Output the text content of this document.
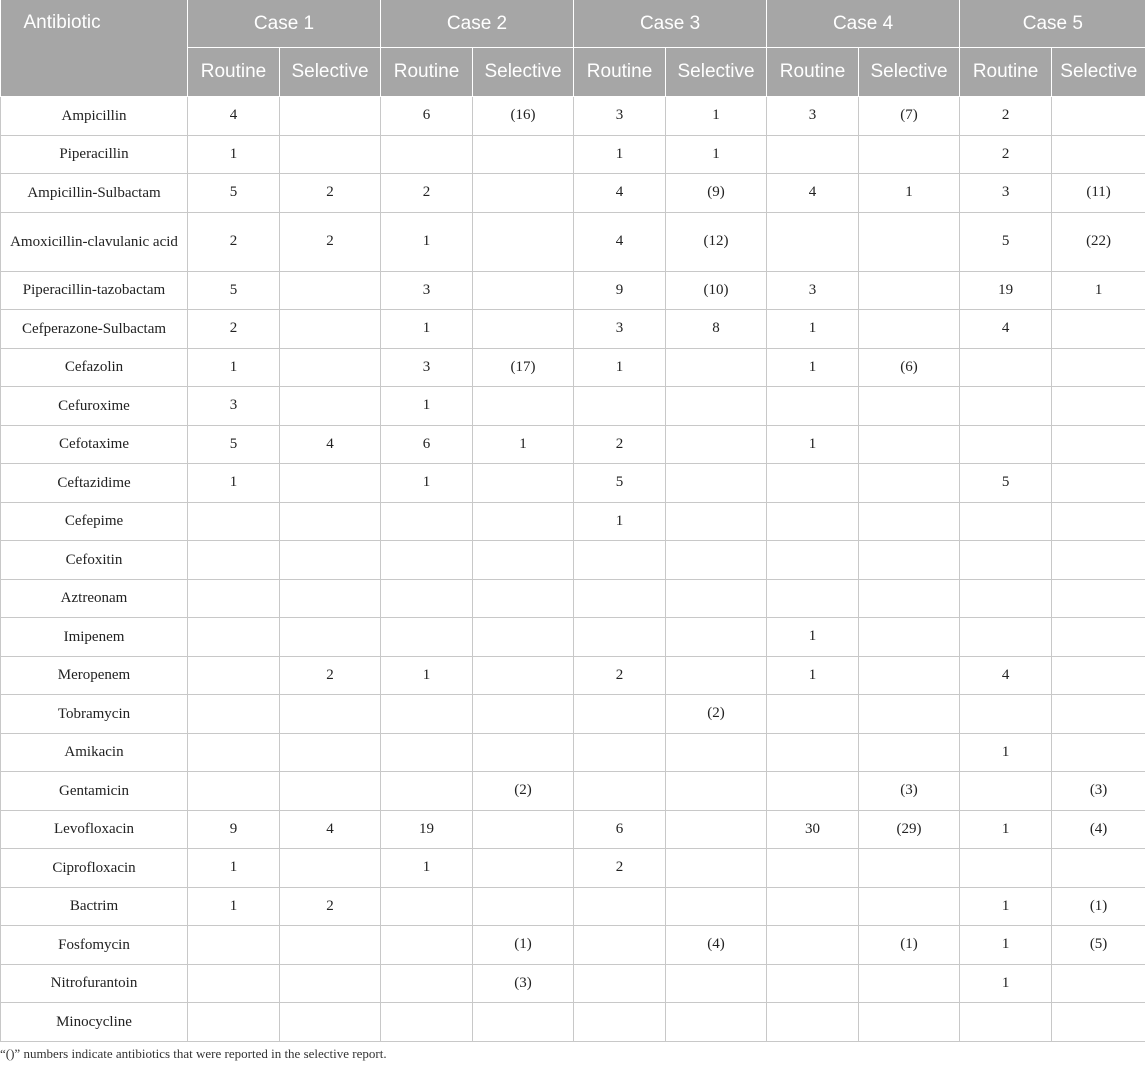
Antibiotic	Case 1		Case 2		Case 3		Case 4		Case 5	
	Routine	Selective	Routine	Selective	Routine	Selective	Routine	Selective	Routine	Selective
Ampicillin	4		6	(16)	3	1	3	(7)	2	
Piperacillin	1				1	1			2	
Ampicillin-Sulbactam	5	2	2		4	(9)	4	1	3	(11)
Amoxicillin-clavulanic acid	2	2	1		4	(12)			5	(22)
Piperacillin-tazobactam	5		3		9	(10)	3		19	1
Cefperazone-Sulbactam	2		1		3	8	1		4	
Cefazolin	1		3	(17)	1		1	(6)		
Cefuroxime	3		1							
Cefotaxime	5	4	6	1	2		1			
Ceftazidime	1		1		5				5	
Cefepime					1					
Cefoxitin										
Aztreonam										
Imipenem							1			
Meropenem		2	1		2		1		4	
Tobramycin						(2)				
Amikacin									1	
Gentamicin				(2)				(3)		(3)
Levofloxacin	9	4	19		6		30	(29)	1	(4)
Ciprofloxacin	1		1		2					
Bactrim	1	2							1	(1)
Fosfomycin				(1)		(4)		(1)	1	(5)
Nitrofurantoin				(3)					1	
Minocycline										
“()” numbers indicate antibiotics that were reported in the selective report.
